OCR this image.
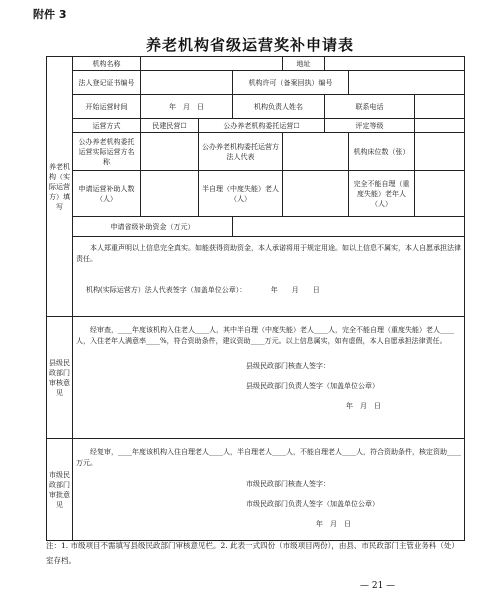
附件 3
养老机构省级运营奖补申请表
养老机构（实际运营方）填写	机构名称				地址			
	法人登记证书编号			机构许可（备案回执）编号				
	开始运营时间	年　月　日		机构负责人姓名		联系电话		
	运营方式	民建民营☐	公办养老机构委托运营☐			评定等级		
	公办养老机构委托运营实际运营方名称		公办养老机构委托运营方法人代表				机构床位数（张）	
	申请运营补助人数（人）		半自理（中度失能）老人（人）				完全不能自理（重度失能）老年人（人）	
	申请省级补助资金（万元）							

	本人郑重声明以上信息完全真实。如能获得资助资金，本人承诺将用于规定用途。如以上信息不属实，本人自愿承担法律责任。
机构(实际运营方）法人代表签字（加盖单位公章）：　　　　年　　月　　日							

县级民政部门审核意见	经审查，____年度该机构入住老人____人，其中半自理（中度失能）老人____人，完全不能自理（重度失能）老人____人，入住老年人满意率____%，符合资助条件，建议资助____万元。以上信息属实，如有虚假，本人自愿承担法律责任。
县级民政部门核查人签字：
县级民政部门负责人签字（加盖单位公章）
年　月　日							

市级民政部门审批意见	经复审，____年度该机构入住自理老人____人，半自理老人____人，不能自理老人____人，符合资助条件，核定资助____万元。
市级民政部门核查人签字：
市级民政部门负责人签字（加盖单位公章）
年　月　日							
注：1. 市级项目不需填写县级民政部门审核意见栏。2. 此表一式四份（市级项目两份），由县、市民政部门主管业务科（处）室存档。
— 21 —
